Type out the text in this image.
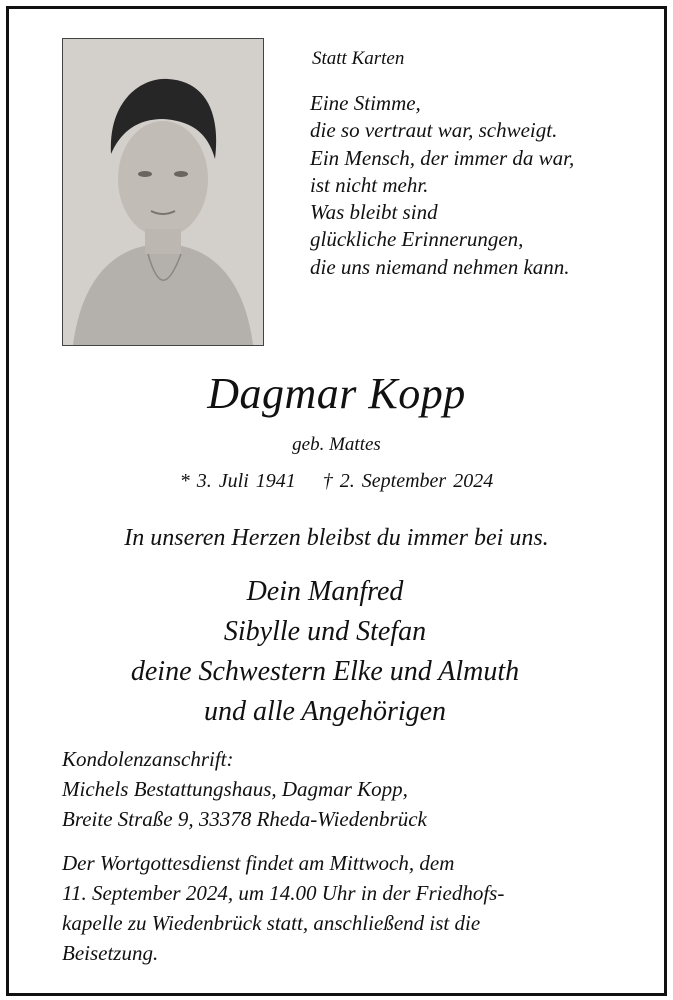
Statt Karten
Eine Stimme,
die so vertraut war, schweigt.
Ein Mensch, der immer da war,
ist nicht mehr.
Was bleibt sind
glückliche Erinnerungen,
die uns niemand nehmen kann.
Dagmar Kopp
geb. Mattes
* 3. Juli 1941 † 2. September 2024
In unseren Herzen bleibst du immer bei uns.
Dein Manfred
Sibylle und Stefan
deine Schwestern Elke und Almuth
und alle Angehörigen
Kondolenzanschrift:
Michels Bestattungshaus, Dagmar Kopp,
Breite Straße 9, 33378 Rheda-Wiedenbrück
Der Wortgottesdienst findet am Mittwoch, dem
11. September 2024, um 14.00 Uhr in der Friedhofs-
kapelle zu Wiedenbrück statt, anschließend ist die
Beisetzung.
